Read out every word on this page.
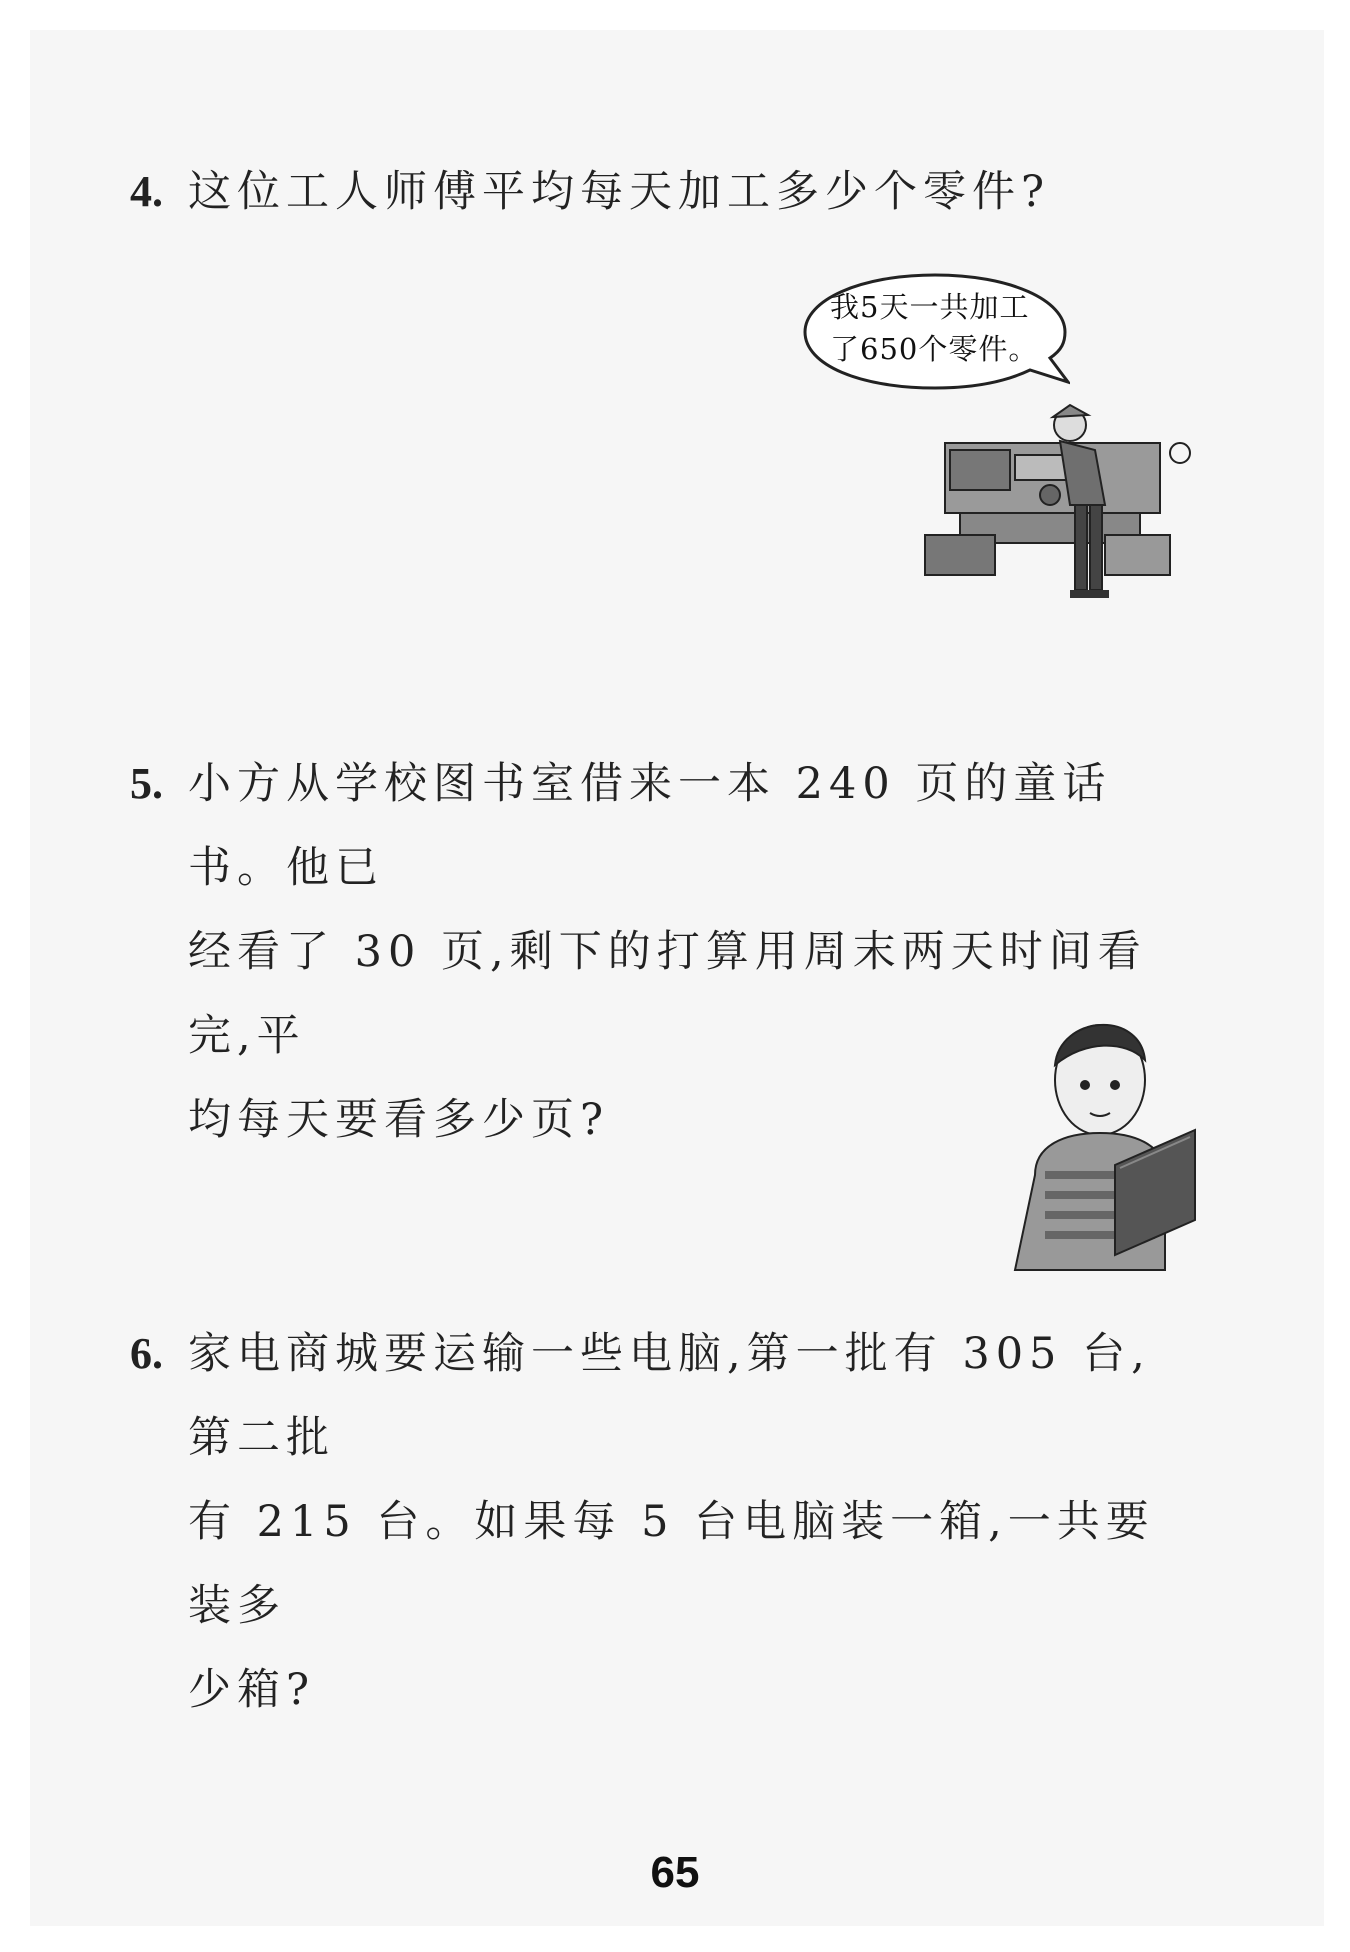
4. 这位工人师傅平均每天加工多少个零件?
我5天一共加工
了650个零件。
5. 小方从学校图书室借来一本 240 页的童话书。他已
经看了 30 页,剩下的打算用周末两天时间看完,平
均每天要看多少页?
6. 家电商城要运输一些电脑,第一批有 305 台,第二批
有 215 台。如果每 5 台电脑装一箱,一共要装多
少箱?
65
